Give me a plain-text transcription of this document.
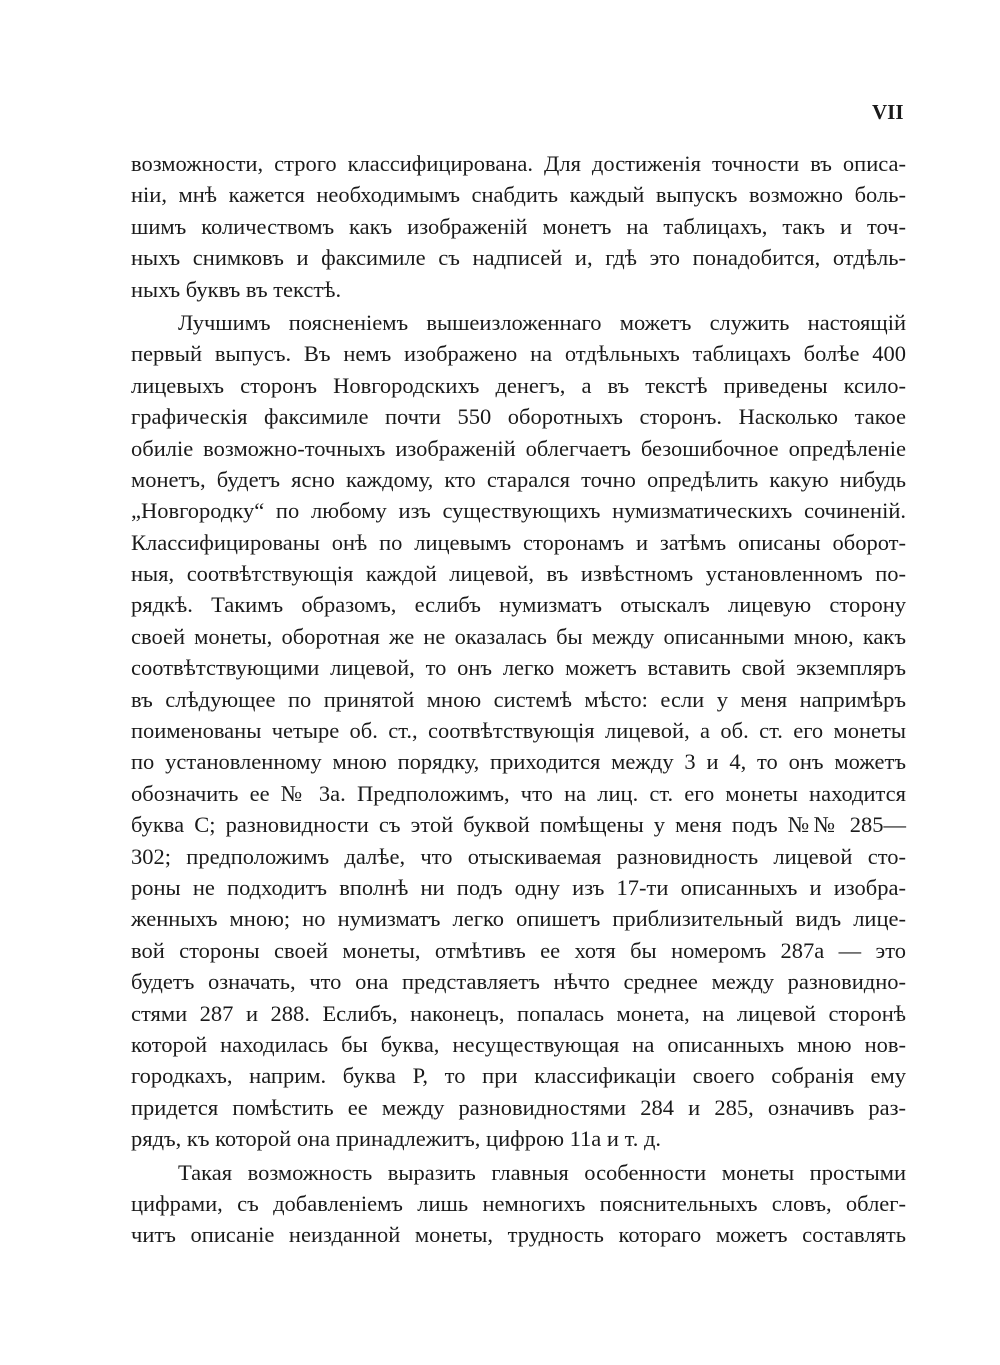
VII
возможности, строго классифицирована. Для достиженія точности въ описа-
ніи, мнѣ кажется необходимымъ снабдить каждый выпускъ возможно боль-
шимъ количествомъ какъ изображеній монетъ на таблицахъ, такъ и точ-
ныхъ снимковъ и факсимиле съ надписей и, гдѣ это понадобится, отдѣль-
ныхъ буквъ въ текстѣ.
Лучшимъ поясненіемъ вышеизложеннаго можетъ служить настоящій
первый выпусъ. Въ немъ изображено на отдѣльныхъ таблицахъ болѣе 400
лицевыхъ сторонъ Новгородскихъ денегъ, а въ текстѣ приведены ксило-
графическія факсимиле почти 550 оборотныхъ сторонъ. Насколько такое
обиліе возможно-точныхъ изображеній облегчаетъ безошибочное опредѣленіе
монетъ, будетъ ясно каждому, кто старался точно опредѣлить какую нибудь
„Новгородку“ по любому изъ существующихъ нумизматическихъ сочиненій.
Классифицированы онѣ по лицевымъ сторонамъ и затѣмъ описаны оборот-
ныя, соотвѣтствующія каждой лицевой, въ извѣстномъ установленномъ по-
рядкѣ. Такимъ образомъ, еслибъ нумизматъ отыскалъ лицевую сторону
своей монеты, оборотная же не оказалась бы между описанными мною, какъ
соотвѣтствующими лицевой, то онъ легко можетъ вставить свой экземпляръ
въ слѣдующее по принятой мною системѣ мѣсто: если у меня напримѣръ
поименованы четыре об. ст., соотвѣтствующія лицевой, а об. ст. его монеты
по установленному мною порядку, приходится между 3 и 4, то онъ можетъ
обозначить ее № 3а. Предположимъ, что на лиц. ст. его монеты находится
буква С; разновидности съ этой буквой помѣщены у меня подъ №№ 285—
302; предположимъ далѣе, что отыскиваемая разновидность лицевой сто-
роны не подходитъ вполнѣ ни подъ одну изъ 17-ти описанныхъ и изобра-
женныхъ мною; но нумизматъ легко опишетъ приблизительный видъ лице-
вой стороны своей монеты, отмѣтивъ ее хотя бы номеромъ 287а — это
будетъ означать, что она представляетъ нѣчто среднее между разновидно-
стями 287 и 288. Еслибъ, наконецъ, попалась монета, на лицевой сторонѣ
которой находилась бы буква, несуществующая на описанныхъ мною нов-
городкахъ, наприм. буква Р, то при классификаціи своего собранія ему
придется помѣстить ее между разновидностями 284 и 285, означивъ раз-
рядъ, къ которой она принадлежитъ, цифрою 11а и т. д.
Такая возможность выразить главныя особенности монеты простыми
цифрами, съ добавленіемъ лишь немногихъ пояснительныхъ словъ, облег-
читъ описаніе неизданной монеты, трудность котораго можетъ составлять
